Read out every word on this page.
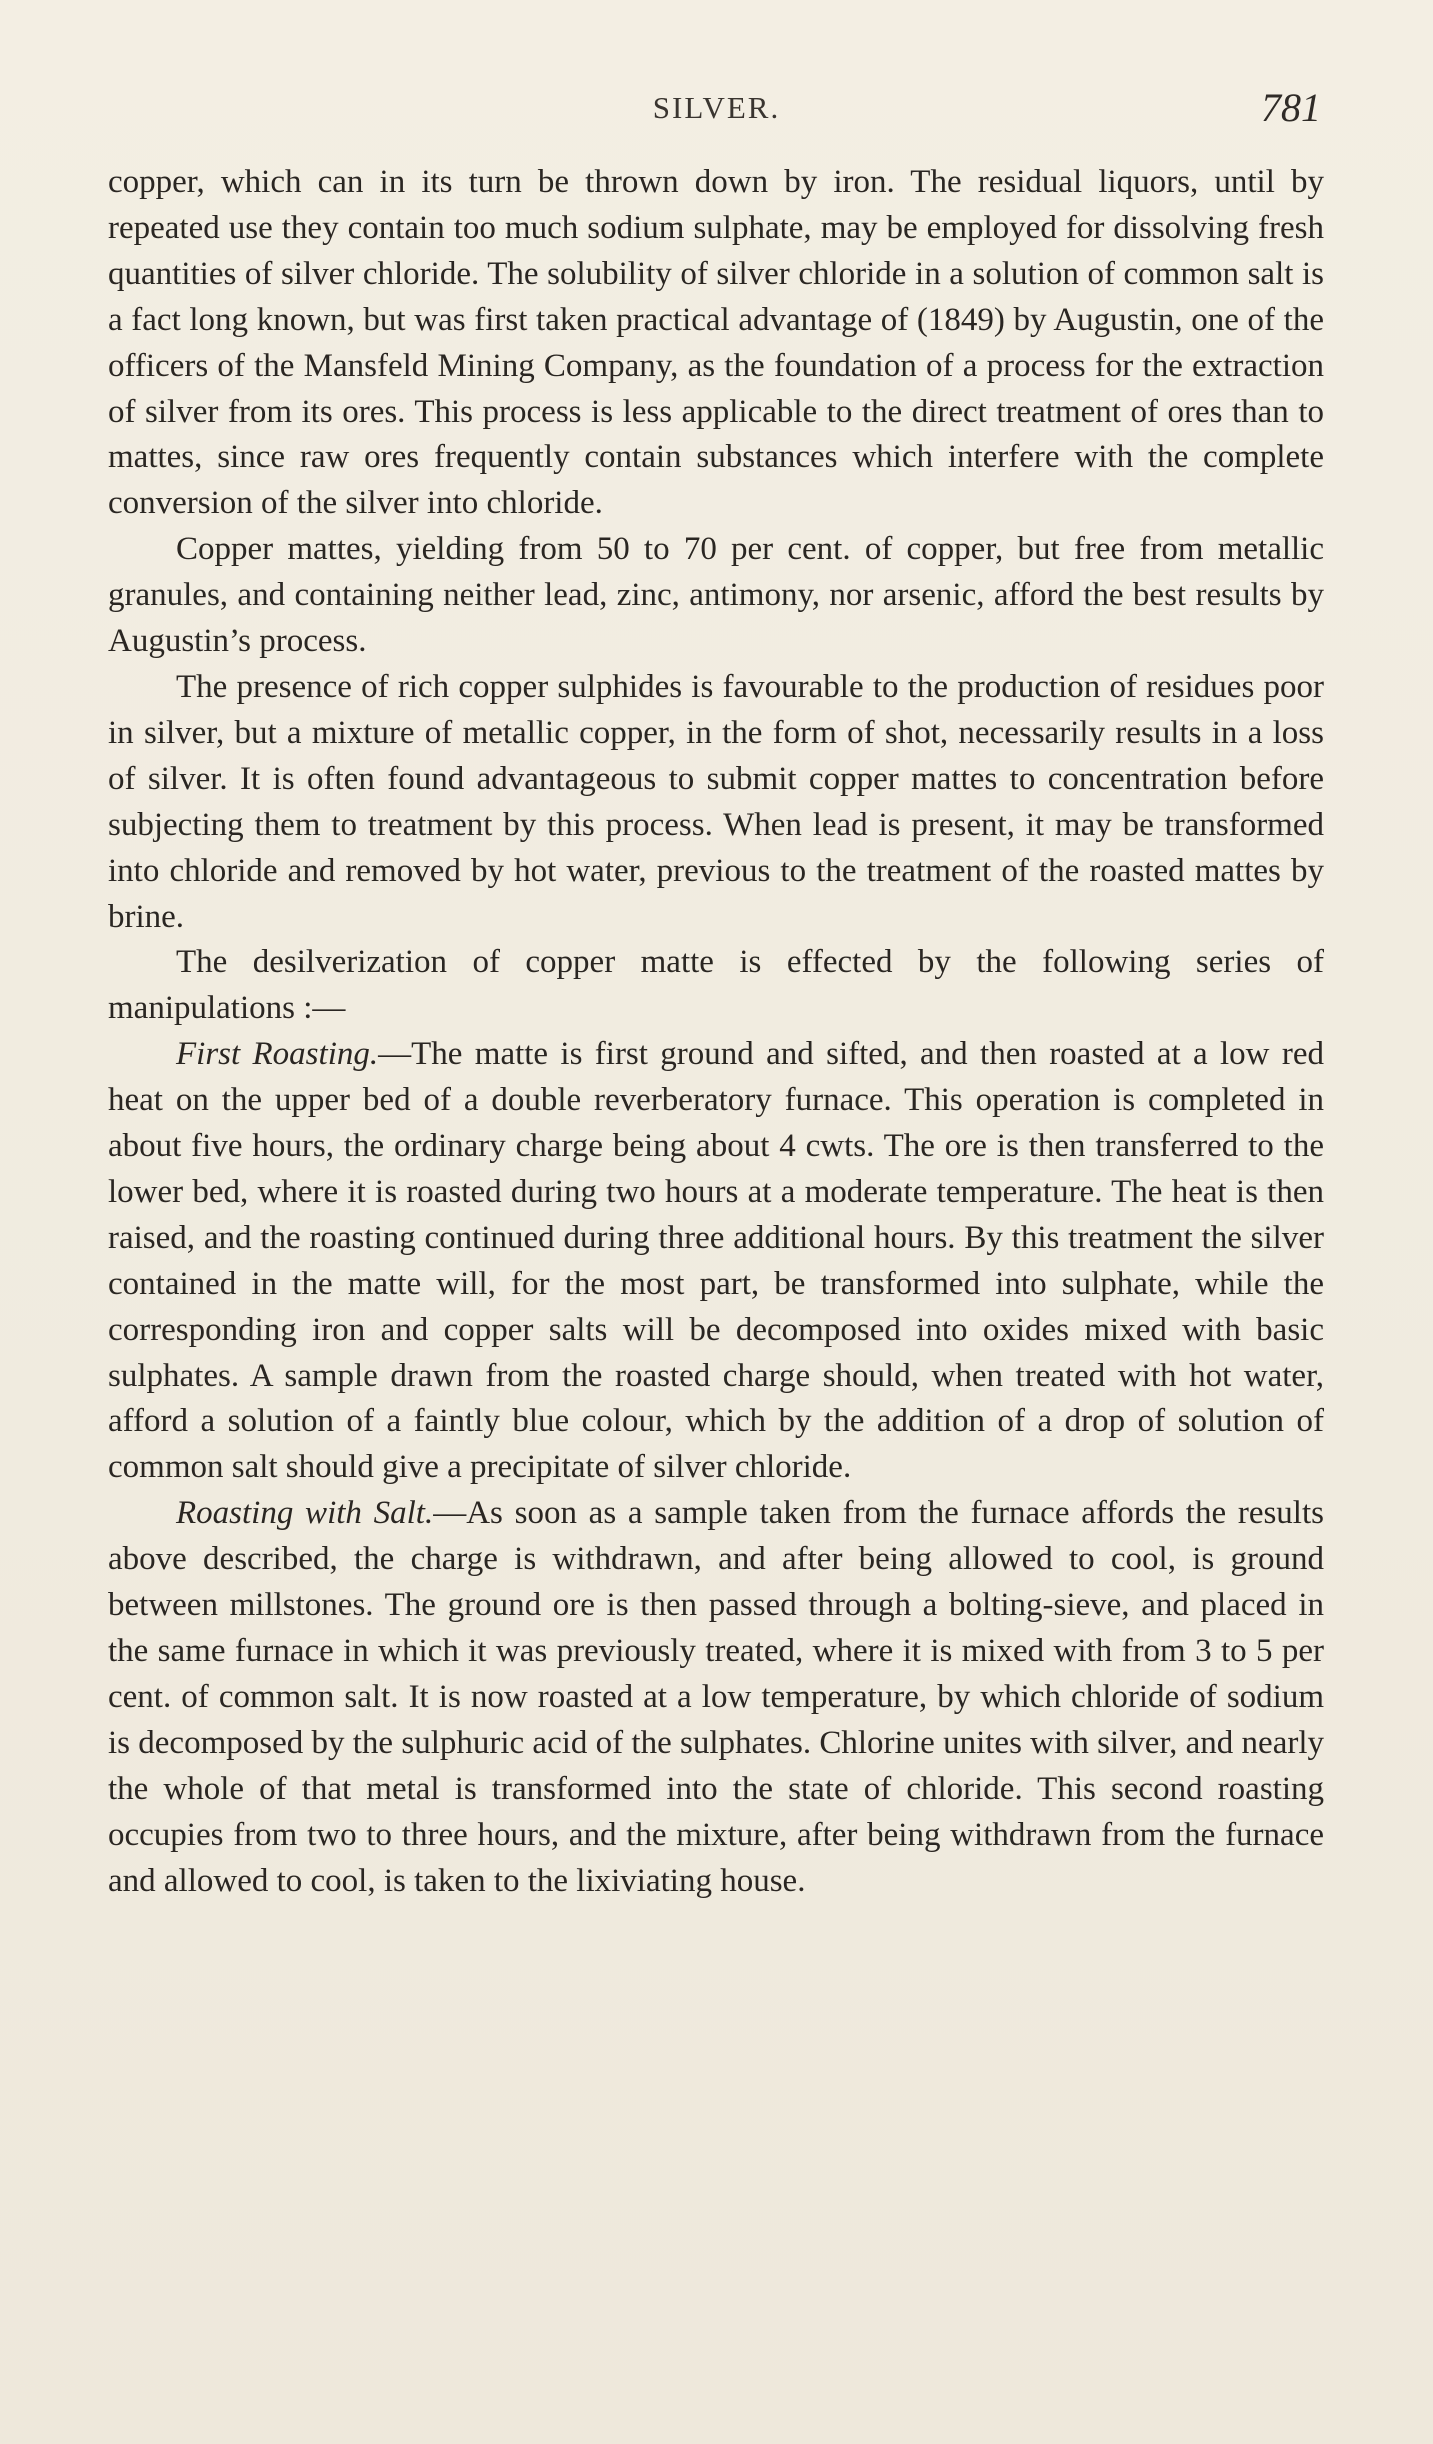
SILVER.	781

copper, which can in its turn be thrown down by iron. The residual liquors, until by repeated use they contain too much sodium sulphate, may be employed for dissolving fresh quantities of silver chloride. The solubility of silver chloride in a solution of common salt is a fact long known, but was first taken practical advantage of (1849) by Augustin, one of the officers of the Mansfeld Mining Company, as the foundation of a process for the extraction of silver from its ores. This process is less applicable to the direct treatment of ores than to mattes, since raw ores frequently contain substances which interfere with the complete conversion of the silver into chloride.

Copper mattes, yielding from 50 to 70 per cent. of copper, but free from metallic granules, and containing neither lead, zinc, antimony, nor arsenic, afford the best results by Augustin’s process.

The presence of rich copper sulphides is favourable to the production of residues poor in silver, but a mixture of metallic copper, in the form of shot, necessarily results in a loss of silver. It is often found advantageous to submit copper mattes to concentration before subjecting them to treatment by this process. When lead is present, it may be transformed into chloride and removed by hot water, previous to the treatment of the roasted mattes by brine.

The desilverization of copper matte is effected by the following series of manipulations :—

First Roasting.—The matte is first ground and sifted, and then roasted at a low red heat on the upper bed of a double reverberatory furnace. This operation is completed in about five hours, the ordinary charge being about 4 cwts. The ore is then transferred to the lower bed, where it is roasted during two hours at a moderate temperature. The heat is then raised, and the roasting continued during three additional hours. By this treatment the silver contained in the matte will, for the most part, be transformed into sulphate, while the corresponding iron and copper salts will be decomposed into oxides mixed with basic sulphates. A sample drawn from the roasted charge should, when treated with hot water, afford a solution of a faintly blue colour, which by the addition of a drop of solution of common salt should give a precipitate of silver chloride.

Roasting with Salt.—As soon as a sample taken from the furnace affords the results above described, the charge is withdrawn, and after being allowed to cool, is ground between millstones. The ground ore is then passed through a bolting-sieve, and placed in the same furnace in which it was previously treated, where it is mixed with from 3 to 5 per cent. of common salt. It is now roasted at a low temperature, by which chloride of sodium is decomposed by the sulphuric acid of the sulphates. Chlorine unites with silver, and nearly the whole of that metal is transformed into the state of chloride. This second roasting occupies from two to three hours, and the mixture, after being withdrawn from the furnace and allowed to cool, is taken to the lixiviating house.
